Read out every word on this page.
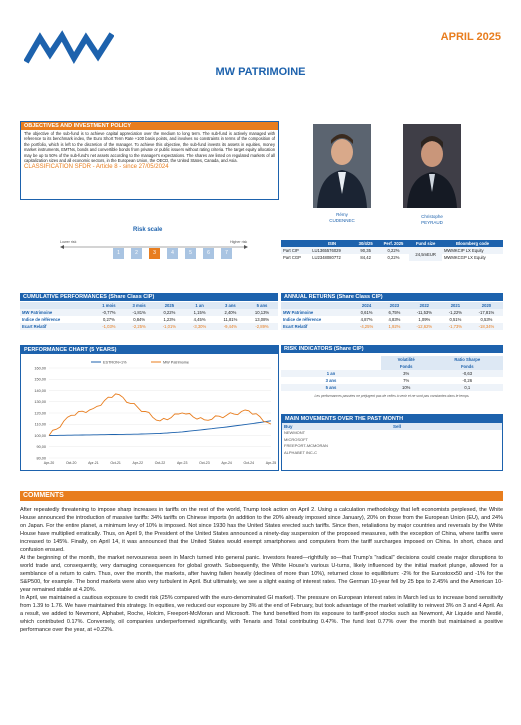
APRIL 2025
MW PATRIMOINE
OBJECTIVES AND INVESTMENT POLICY
The objective of the sub-fund is to achieve capital appreciation over the medium to long term. The sub-fund is actively managed with reference to its benchmark index, the Euro Short Term Rate +100 basis points, and involves no constraints in terms of the composition of the portfolio, which is left to the discretion of the manager. To achieve this objective, the sub-fund invests its assets in equities, money market instruments, EMTNs, bonds and convertible bonds from private or public issuers without rating criteria. The target equity allocation may be up to 50% of the sub-fund's net assets according to the manager's expectations. The shares are listed on regulated markets of all capitalization sizes and all economic sectors, in the European Union, the OECD, the United States, Canada, and Asia.
CLASSIFICATION SFDR - Article 8 - since 27/05/2024
Risk scale
Lower risk	Higher risk
1	2	3	4	5	6	7
Rémy
CUDENNEC
Christophe
PEYRAUD
	ISIN	30/4/25	Perf. 2025	Fund size	Bloomberg code
Part CIP	LU1365576029	90,35	0,22%	24,5mEUR	MWMKCIP LX Equity
Part CGP	LU2348080772	84,42	0,22%		MWMKCGP LX Equity
CUMULATIVE PERFORMANCES (Share Class CIP)
	1 mois	3 mois	2025	1 an	3 ans	5 ans
MW Patrimoine	-0,77%	-1,81%	0,22%	1,15%	2,40%	10,13%
Indice de référence	0,27%	0,84%	1,23%	4,45%	11,81%	13,08%
Ecart Relatif	-1,03%	-2,25%	-1,01%	-3,30%	-9,44%	-2,89%
ANNUAL RETURNS (Share Class CIP)
	2024	2023	2022	2021	2020
MW Patrimoine	0,61%	6,75%	-11,53%	-1,22%	-17,81%
Indice de référence	4,87%	4,83%	1,09%	0,51%	0,53%
Ecart Relatif	-4,25%	1,92%	-12,62%	-1,73%	-18,34%
PERFORMANCE CHART (5 YEARS)
80,00
90,00
100,00
110,00
120,00
130,00
140,00
150,00
160,00
Apr-20	Oct-20	Apr-21	Oct-21	Apr-22	Oct-22	Apr-23	Oct-23	Apr-24	Oct-24	Apr-25
ESTRON+1%	MW Patrimoine
RISK INDICATORS (Share CIP)
	Volatilité	Ratio Sharpe
	Fonds	Fonds
1 an	3%	-0,63
3 ans	7%	-0,26
5 ans	10%	0,1
Les performances passées ne préjugent pas de celles à venir et ne sont pas constantes dans le temps.
MAIN MOVEMENTS OVER THE PAST MONTH
Buy	Sell
NEWMONT
MICROSOFT
FREEPORT-MCMORAN
ALPHABET INC-C
COMMENTS

After repeatedly threatening to impose sharp increases in tariffs on the rest of the world, Trump took action on April 2. Using a calculation methodology that left economists perplexed, the White House announced the introduction of massive tariffs: 34% tariffs on Chinese imports (in addition to the 20% already imposed since January), 20% on those from the European Union (EU), and 24% on Japan. For the entire planet, a minimum levy of 10% is imposed. Not since 1930 has the United States erected such tariffs. Since then, retaliations by major countries and reversals by the White House have multiplied erratically. Thus, on April 9, the President of the United States announced a ninety-day suspension of the proposed measures, with the exception of China, where tariffs were increased to 145%. Finally, on April 14, it was announced that the United States would exempt smartphones and computers from the tariff surcharges imposed on China. In short, chaos and confusion ensued.

At the beginning of the month, the market nervousness seen in March turned into general panic. Investors feared—rightfully so—that Trump's "radical" decisions could create major disruptions to world trade and, consequently, very damaging consequences for global growth. Subsequently, the White House's various U-turns, likely influenced by the initial market plunge, allowed for a semblance of a return to calm. Thus, over the month, the markets, after having fallen heavily (declines of more than 10%), returned close to equilibrium: -2% for the Eurostoxx50 and -1% for the S&P500, for example. The bond markets were also very turbulent in April. But ultimately, we see a slight easing of interest rates. The German 10-year fell by 25 bps to 2.45% and the American 10-year remained stable at 4.20%.

In April, we maintained a cautious exposure to credit risk (25% compared with the euro-denominated GI market). The pressure on European interest rates in March led us to increase bond sensitivity from 1.39 to 1.76. We have maintained this strategy. In equities, we reduced our exposure by 3% at the end of February, but took advantage of the market volatility to reinvest 3% on 3 and 4 April. As a result, we added to Newmont, Alphabet, Roche, Holcim, Freeport-McMoran and Microsoft. The fund benefited from its exposure to tariff-proof stocks such as Newmont, Air Liquide and Nestlé, which contributed 0.17%. Conversely, oil companies underperformed significantly, with Tenaris and Total contributing 0.47%. The fund lost 0.77% over the month but maintained a positive performance over the year, at +0.22%.
